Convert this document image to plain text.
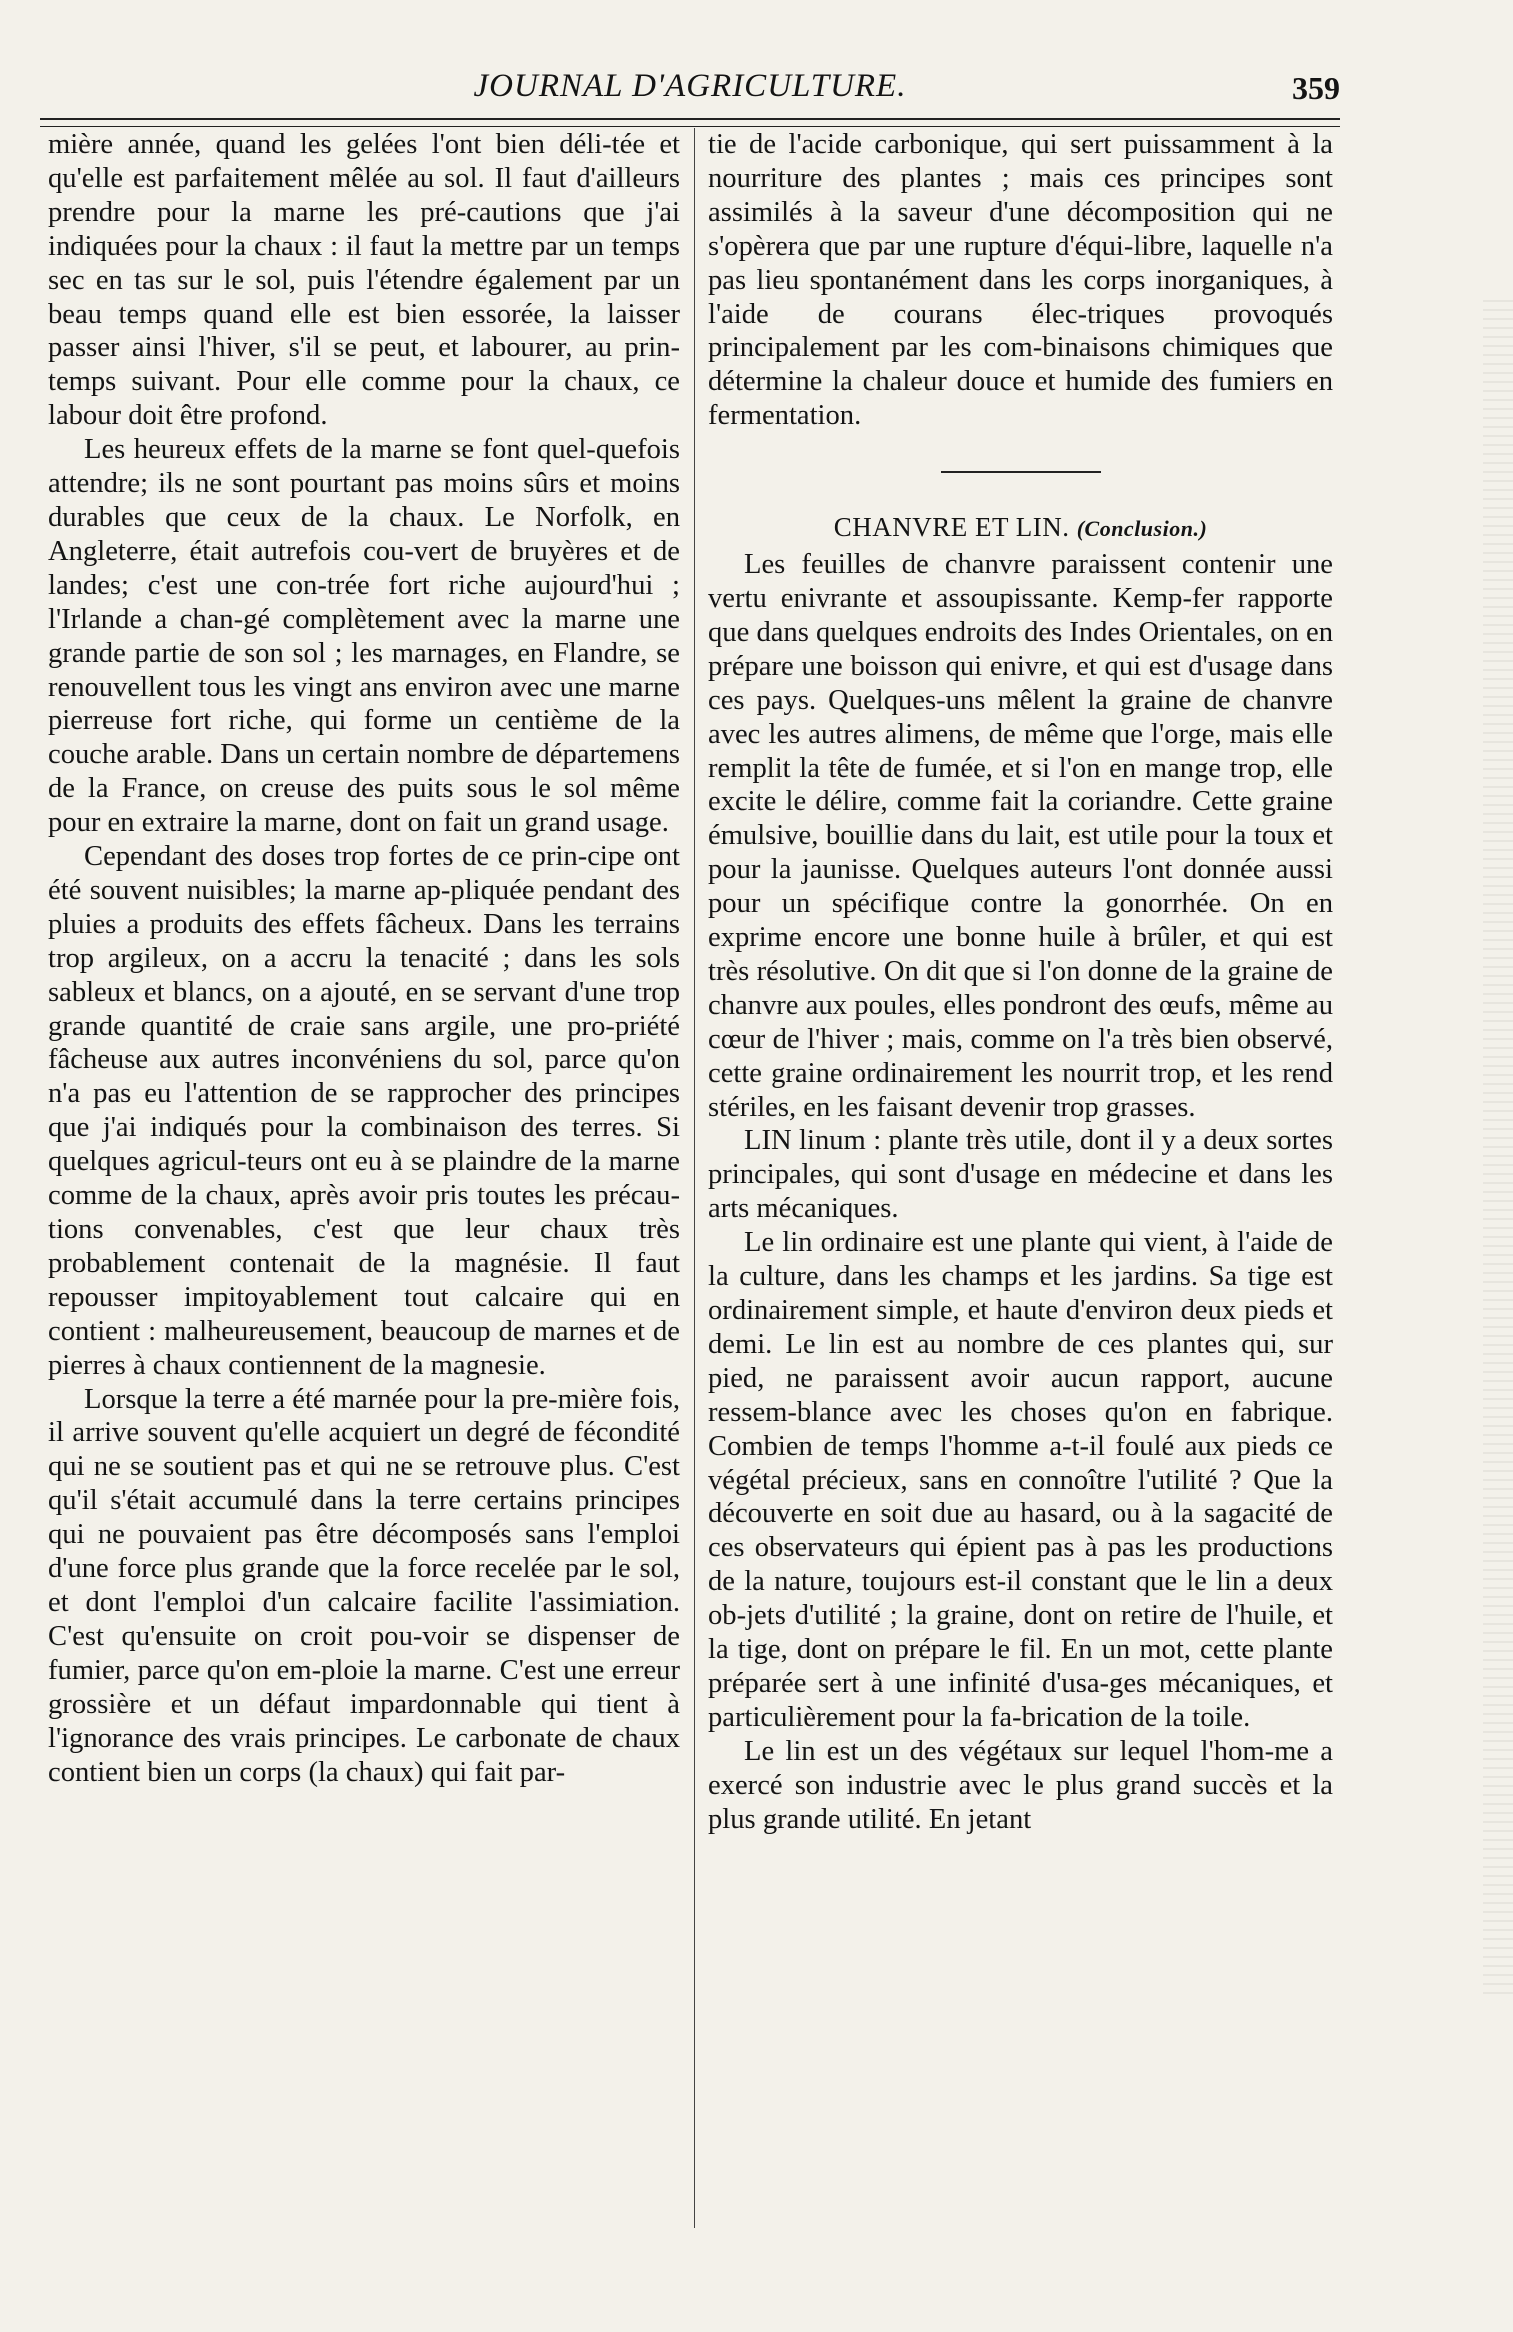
JOURNAL D'AGRICULTURE.	359

mière année, quand les gelées l'ont bien déli-tée et qu'elle est parfaitement mêlée au sol. Il faut d'ailleurs prendre pour la marne les pré-cautions que j'ai indiquées pour la chaux : il faut la mettre par un temps sec en tas sur le sol, puis l'étendre également par un beau temps quand elle est bien essorée, la laisser passer ainsi l'hiver, s'il se peut, et labourer, au prin-temps suivant. Pour elle comme pour la chaux, ce labour doit être profond.

Les heureux effets de la marne se font quel-quefois attendre; ils ne sont pourtant pas moins sûrs et moins durables que ceux de la chaux. Le Norfolk, en Angleterre, était autrefois cou-vert de bruyères et de landes; c'est une con-trée fort riche aujourd'hui ; l'Irlande a chan-gé complètement avec la marne une grande partie de son sol ; les marnages, en Flandre, se renouvellent tous les vingt ans environ avec une marne pierreuse fort riche, qui forme un centième de la couche arable. Dans un certain nombre de départemens de la France, on creuse des puits sous le sol même pour en extraire la marne, dont on fait un grand usage.

Cependant des doses trop fortes de ce prin-cipe ont été souvent nuisibles; la marne ap-pliquée pendant des pluies a produits des effets fâcheux. Dans les terrains trop argileux, on a accru la tenacité ; dans les sols sableux et blancs, on a ajouté, en se servant d'une trop grande quantité de craie sans argile, une pro-priété fâcheuse aux autres inconvéniens du sol, parce qu'on n'a pas eu l'attention de se rapprocher des principes que j'ai indiqués pour la combinaison des terres. Si quelques agricul-teurs ont eu à se plaindre de la marne comme de la chaux, après avoir pris toutes les précau-tions convenables, c'est que leur chaux très probablement contenait de la magnésie. Il faut repousser impitoyablement tout calcaire qui en contient : malheureusement, beaucoup de marnes et de pierres à chaux contiennent de la magnesie.

Lorsque la terre a été marnée pour la pre-mière fois, il arrive souvent qu'elle acquiert un degré de fécondité qui ne se soutient pas et qui ne se retrouve plus. C'est qu'il s'était accumulé dans la terre certains principes qui ne pouvaient pas être décomposés sans l'emploi d'une force plus grande que la force recelée par le sol, et dont l'emploi d'un calcaire facilite l'assimiation. C'est qu'ensuite on croit pou-voir se dispenser de fumier, parce qu'on em-ploie la marne. C'est une erreur grossière et un défaut impardonnable qui tient à l'ignorance des vrais principes. Le carbonate de chaux contient bien un corps (la chaux) qui fait par-

tie de l'acide carbonique, qui sert puissamment à la nourriture des plantes ; mais ces principes sont assimilés à la saveur d'une décomposition qui ne s'opèrera que par une rupture d'équi-libre, laquelle n'a pas lieu spontanément dans les corps inorganiques, à l'aide de courans élec-triques provoqués principalement par les com-binaisons chimiques que détermine la chaleur douce et humide des fumiers en fermentation.

CHANVRE ET LIN. (Conclusion.)

Les feuilles de chanvre paraissent contenir une vertu enivrante et assoupissante. Kemp-fer rapporte que dans quelques endroits des Indes Orientales, on en prépare une boisson qui enivre, et qui est d'usage dans ces pays. Quelques-uns mêlent la graine de chanvre avec les autres alimens, de même que l'orge, mais elle remplit la tête de fumée, et si l'on en mange trop, elle excite le délire, comme fait la coriandre. Cette graine émulsive, bouillie dans du lait, est utile pour la toux et pour la jaunisse. Quelques auteurs l'ont donnée aussi pour un spécifique contre la gonorrhée. On en exprime encore une bonne huile à brûler, et qui est très résolutive. On dit que si l'on donne de la graine de chanvre aux poules, elles pondront des œufs, même au cœur de l'hiver ; mais, comme on l'a très bien observé, cette graine ordinairement les nourrit trop, et les rend stériles, en les faisant devenir trop grasses.

LIN linum : plante très utile, dont il y a deux sortes principales, qui sont d'usage en médecine et dans les arts mécaniques.

Le lin ordinaire est une plante qui vient, à l'aide de la culture, dans les champs et les jardins. Sa tige est ordinairement simple, et haute d'environ deux pieds et demi. Le lin est au nombre de ces plantes qui, sur pied, ne paraissent avoir aucun rapport, aucune ressem-blance avec les choses qu'on en fabrique. Combien de temps l'homme a-t-il foulé aux pieds ce végétal précieux, sans en connoître l'utilité ? Que la découverte en soit due au hasard, ou à la sagacité de ces observateurs qui épient pas à pas les productions de la nature, toujours est-il constant que le lin a deux ob-jets d'utilité ; la graine, dont on retire de l'huile, et la tige, dont on prépare le fil. En un mot, cette plante préparée sert à une infinité d'usa-ges mécaniques, et particulièrement pour la fa-brication de la toile.

Le lin est un des végétaux sur lequel l'hom-me a exercé son industrie avec le plus grand succès et la plus grande utilité. En jetant
